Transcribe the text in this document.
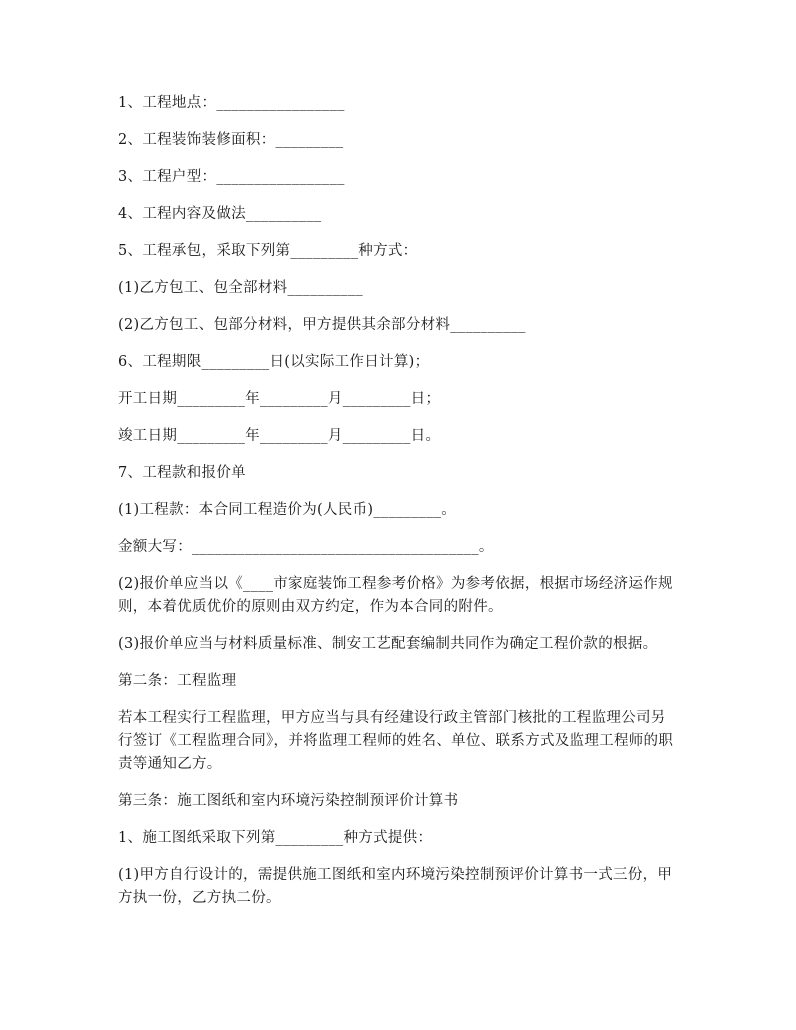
1、工程地点：_________________

2、工程装饰装修面积：_________

3、工程户型：_________________

4、工程内容及做法__________

5、工程承包，采取下列第_________种方式：

(1)乙方包工、包全部材料__________

(2)乙方包工、包部分材料，甲方提供其余部分材料__________

6、工程期限_________日(以实际工作日计算)；

开工日期_________年_________月_________日；

竣工日期_________年_________月_________日。

7、工程款和报价单

(1)工程款：本合同工程造价为(人民币)_________。

金额大写：______________________________________。

(2)报价单应当以《____市家庭装饰工程参考价格》为参考依据，根据市场经济运作规则，本着优质优价的原则由双方约定，作为本合同的附件。

(3)报价单应当与材料质量标准、制安工艺配套编制共同作为确定工程价款的根据。

第二条：工程监理

若本工程实行工程监理，甲方应当与具有经建设行政主管部门核批的工程监理公司另行签订《工程监理合同》，并将监理工程师的姓名、单位、联系方式及监理工程师的职责等通知乙方。

第三条：施工图纸和室内环境污染控制预评价计算书

1、施工图纸采取下列第_________种方式提供：

(1)甲方自行设计的，需提供施工图纸和室内环境污染控制预评价计算书一式三份，甲方执一份，乙方执二份。
